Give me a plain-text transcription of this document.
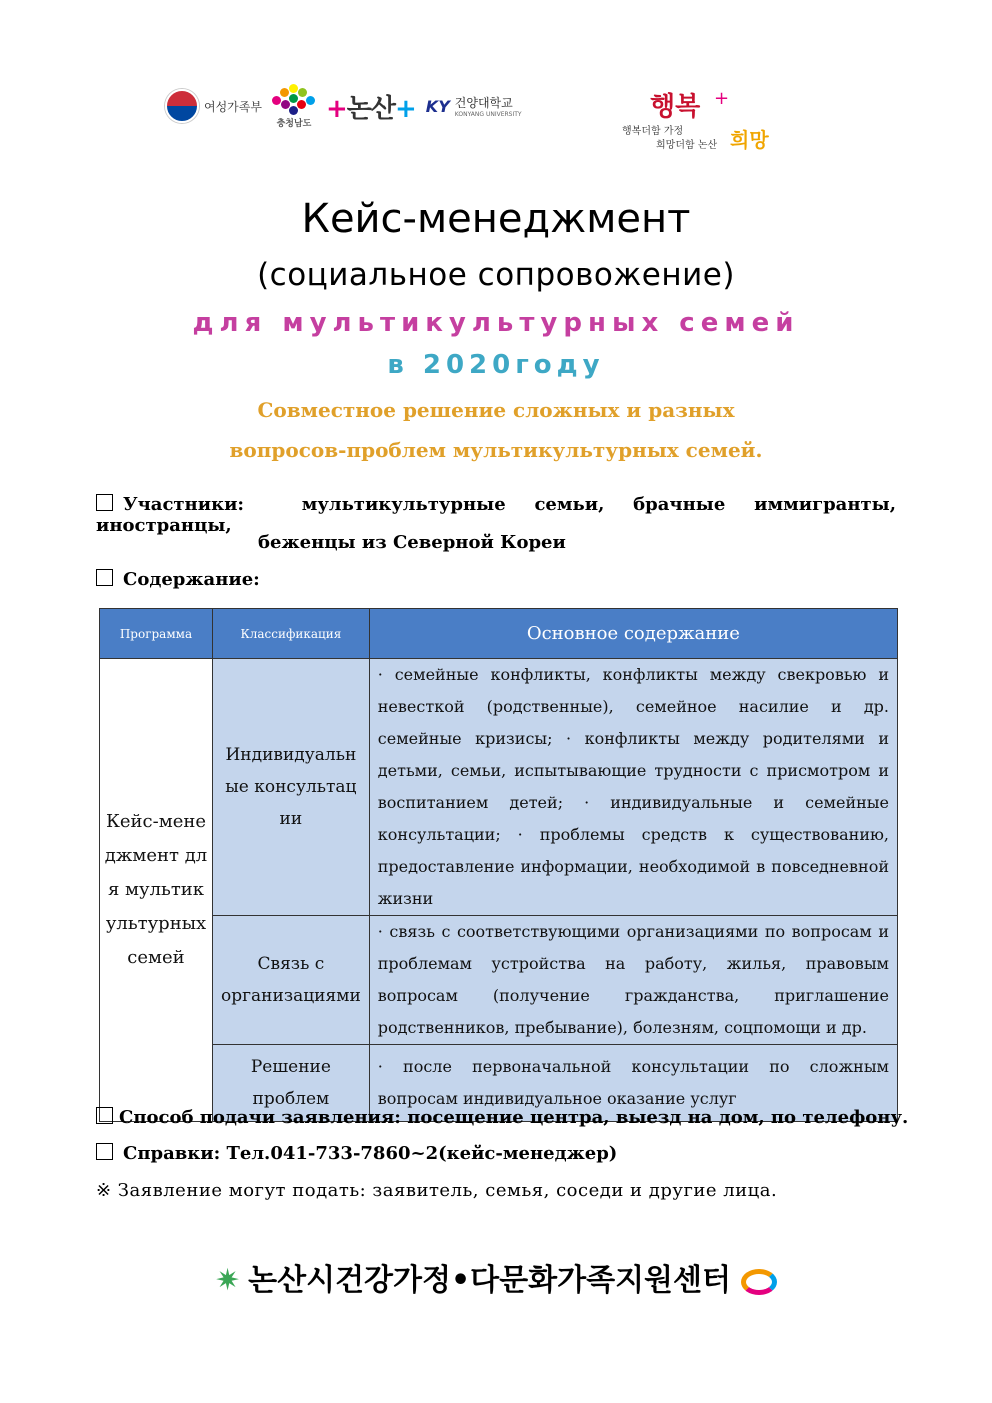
여성가족부
충청남도 +논산+ KY 건양대학교
KONYANG UNIVERSITY	행복 +
행복더함 가정
희망더함 논산 희망
Кейс-менеджмент
(социальное сопровожение)
для мультикультурных семей
в 2020году
Совместное решение сложных и разных
вопросов-проблем мультикультурных семей.
Участники:	мультикультурные семьи, брачные иммигранты, иностранцы,
беженцы из Северной Кореи
Содержание:
Программа	Классификация	Основное содержание
Кейс-менеджмент для мультикультурных семей	Индивидуальные консультации	· семейные конфликты, конфликты между свекровью и невесткой (родственные), семейное насилие и др. семейные кризисы; · конфликты между родителями и детьми, семьи, испытывающие трудности с присмотром и воспитанием детей; · индивидуальные и семейные консультации; · проблемы средств к существованию, предоставление информации, необходимой в повседневной жизни
	Связь с организациями	· связь с соответствующими организациями по вопросам и проблемам устройства на работу, жилья, правовым вопросам (получение гражданства, приглашение родственников, пребывание), болезням, соцпомощи и др.
	Решение проблем	· после первоначальной консультации по сложным вопросам индивидуальное оказание услуг
Способ подачи заявления: посещение центра, выезд на дом, по телефону.
Справки: Тел.041-733-7860~2(кейс-менеджер)
※ Заявление могут подать: заявитель, семья, соседи и другие лица.
✷ 논산시건강가정•다문화가족지원센터
